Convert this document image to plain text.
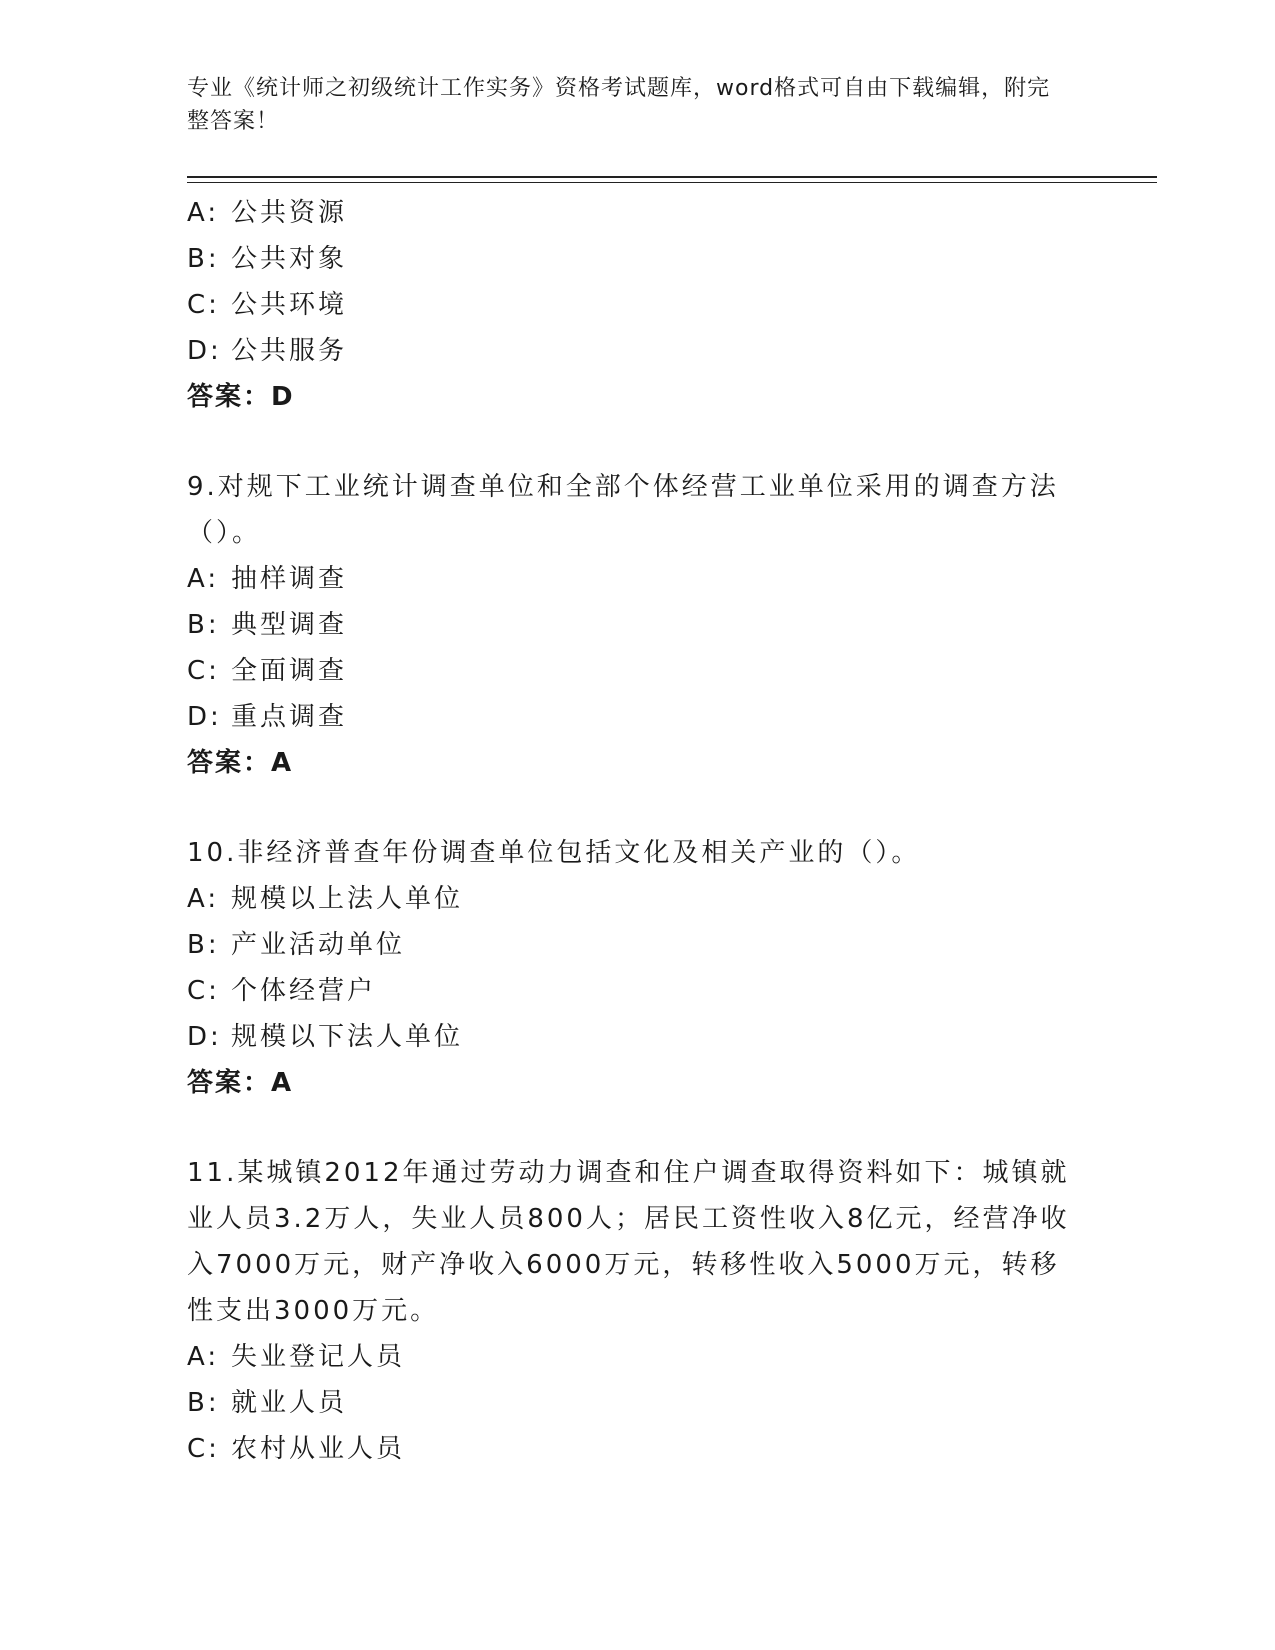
专业《统计师之初级统计工作实务》资格考试题库，word格式可自由下载编辑，附完整答案！
A: 公共资源
B: 公共对象
C: 公共环境
D: 公共服务
答案：D
9.对规下工业统计调查单位和全部个体经营工业单位采用的调查方法（）。
A: 抽样调查
B: 典型调查
C: 全面调查
D: 重点调查
答案：A
10.非经济普查年份调查单位包括文化及相关产业的（）。
A: 规模以上法人单位
B: 产业活动单位
C: 个体经营户
D: 规模以下法人单位
答案：A
11.某城镇2012年通过劳动力调查和住户调查取得资料如下：城镇就业人员3.2万人，失业人员800人；居民工资性收入8亿元，经营净收入7000万元，财产净收入6000万元，转移性收入5000万元，转移性支出3000万元。
A: 失业登记人员
B: 就业人员
C: 农村从业人员
